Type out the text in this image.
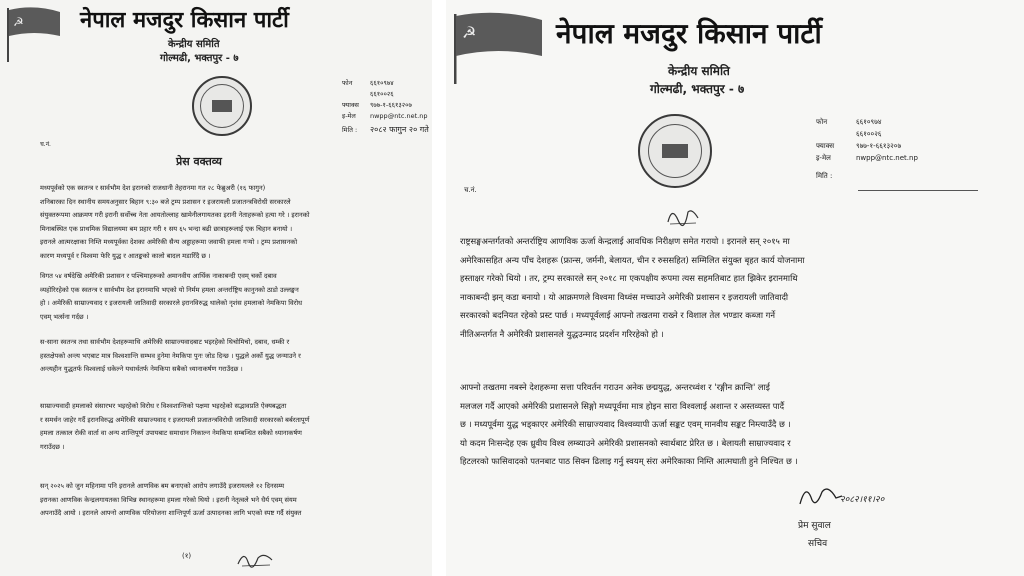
☭	नेपाल मजदुर किसान पार्टी
केन्द्रीय समिति
गोल्मढी, भक्तपुर - ७
फोन	६६१०९७४
६६१००२६
फ्याक्स ९७७-१-६६१३२०७
इ-मेल nwpp@ntc.net.np
मिति : २०८२ फागुन २० गते
च.नं.
प्रेस वक्तव्य
मध्यपूर्वको एक स्वतन्त्र र सार्वभौम देश इरानको राजधानी तेहरानमा गत २८ फेब्रुअरी (१६ फागुन)
शनिबारका दिन स्थानीय समयअनुसार बिहान ९:३० बजे ट्रम्प प्रशासन र इजरायली प्रजातन्त्रविरोधी सरकारले
संयुक्तरूपमा आक्रमण गरी इरानी सर्वोच्च नेता आयतोल्लाह खामेनीलगायतका इरानी नेताहरूको हत्या गरे । इरानको
मिनाबस्थित एक प्राथमिक विद्यालयमा बम प्रहार गरी १ सय ६५ भन्दा बढी छात्राहरूलाई एक चिहान बनायो ।
इरानले आत्मरक्षाका निम्ति मध्यपूर्वका देशका अमेरिकी सैन्य अड्डाहरूमा जवाफी हमला गऱ्यो । ट्रम्प प्रशासनको
कारण मध्यपूर्व र विश्वमा फेरि युद्ध र आतङ्कको कालो बादल मडारिँदै छ ।
विगत ५४ वर्षदेखि अमेरिकी प्रशासन र पश्चिमाहरूको अमानवीय आर्थिक नाकाबन्दी एवम् चर्को दबाव
व्यहोरिरहेको एक स्वतन्त्र र सार्वभौम देश इरानमाथि भएको यो निर्मम हमला अन्तर्राष्ट्रिय कानुनको ठाडो उल्लङ्घन
हो । अमेरिकी साम्राज्यवाद र इजरायली जातिवादी सरकारले इरानविरुद्ध थालेको नृशंस हमलाको नेमकिपा विरोध
एवम् भर्त्सना गर्दछ ।
स-साना स्वतन्त्र तथा सार्वभौम देशहरूमाथि अमेरिकी साम्राज्यवादबाट भइरहेको थिचोमिचो, दबाव, धम्की र
हस्तक्षेपको अन्त्य भएबाट मात्र विश्वशान्ति सम्भव हुनेमा नेमकिपा पुनः जोड दिन्छ । युद्धले अर्को युद्ध जन्माउने र
अन्त्यहीन युद्धतर्फ विश्वलाई धकेल्ने यथार्थतर्फ नेमकिपा सबैको ध्यानाकर्षण गराउँदछ ।
साम्राज्यवादी हमलाको संसारभर भइरहेको विरोध र विश्वशान्तिको पक्षमा भइरहेको सद्भावप्रति ऐक्यबद्धता
र समर्थन जाहेर गर्दै इरानविरुद्ध अमेरिकी साम्राज्यवाद र इजरायली प्रजातन्त्रविरोधी जातिवादी सरकारको बर्बरतापूर्ण
हमला तत्काल रोकी वार्ता वा अन्य शान्तिपूर्ण उपायबाट समाधान निकाल्न नेमकिपा सम्बन्धित सबैको ध्यानाकर्षण
गराउँदछ ।
सन् २०२५ को जुन महिनामा पनि इरानले आणविक बम बनाएको आरोप लगाउँदै इजरायलले १२ दिनसम्म
इरानका आणविक केन्द्रलगायतका विभिन्न स्थानहरूमा हमला गरेको थियो । इरानी नेतृत्वले भने धैर्य एवम् संयम
अपनाउँदै आयो । इरानले आफ्नो आणविक परियोजना शान्तिपूर्ण ऊर्जा उत्पादनका लागि भएको स्पष्ट गर्दै संयुक्त
(१)
☭	नेपाल मजदुर किसान पार्टी
केन्द्रीय समिति
गोल्मढी, भक्तपुर - ७
फोन	६६१०९७४
६६१००२६
फ्याक्स	९७७-१-६६१३२०७
इ-मेल	nwpp@ntc.net.np
मिति :
च.नं.
राष्ट्रसङ्घअन्तर्गतको अन्तर्राष्ट्रिय आणविक ऊर्जा केन्द्रलाई आवधिक निरीक्षण समेत गरायो । इरानले सन् २०१५ मा
अमेरिकासहित अन्य पाँच देशहरू (फ्रान्स, जर्मनी, बेलायत, चीन र रुससहित) सम्मिलित संयुक्त बृहत कार्य योजनामा
हस्ताक्षर गरेको थियो । तर, ट्रम्प सरकारले सन् २०१८ मा एकपक्षीय रूपमा त्यस सहमतिबाट हात झिकेर इरानमाथि
नाकाबन्दी झन् कडा बनायो । यो आक्रमणले विश्वमा विध्वंस मच्चाउने अमेरिकी प्रशासन र इजरायली जातिवादी
सरकारको बदनियत रहेको प्रस्ट पार्छ । मध्यपूर्वलाई आफ्नो तखतमा राख्ने र विशाल तेल भण्डार कब्जा गर्ने
नीतिअन्तर्गत नै अमेरिकी प्रशासनले युद्धउन्माद प्रदर्शन गरिरहेको हो ।
आफ्नो तखतमा नबस्ने देशहरूमा सत्ता परिवर्तन गराउन अनेक छद्मयुद्ध, अन्तरध्वंश र 'रङ्गीन क्रान्ति' लाई
मलजल गर्दै आएको अमेरिकी प्रशासनले सिङ्गो मध्यपूर्वमा मात्र होइन सारा विश्वलाई अशान्त र अस्तव्यस्त पार्दै
छ । मध्यपूर्वमा युद्ध भड्काएर अमेरिकी साम्राज्यवाद विश्वव्यापी ऊर्जा सङ्कट एवम् मानवीय सङ्कट निम्त्याउँदै छ ।
यो कदम निःसन्देह एक ध्रुवीय विश्व लम्ब्याउने अमेरिकी प्रशासनको स्वार्थबाट प्रेरित छ । बेलायती साम्राज्यवाद र
हिटलरको फासिवादको पतनबाट पाठ सिक्न ढिलाइ गर्नु स्वयम् संरा अमेरिकाका निम्ति आत्मघाती हुने निश्चित छ ।
२०८२।११।२०
प्रेम सुवाल
सचिव
